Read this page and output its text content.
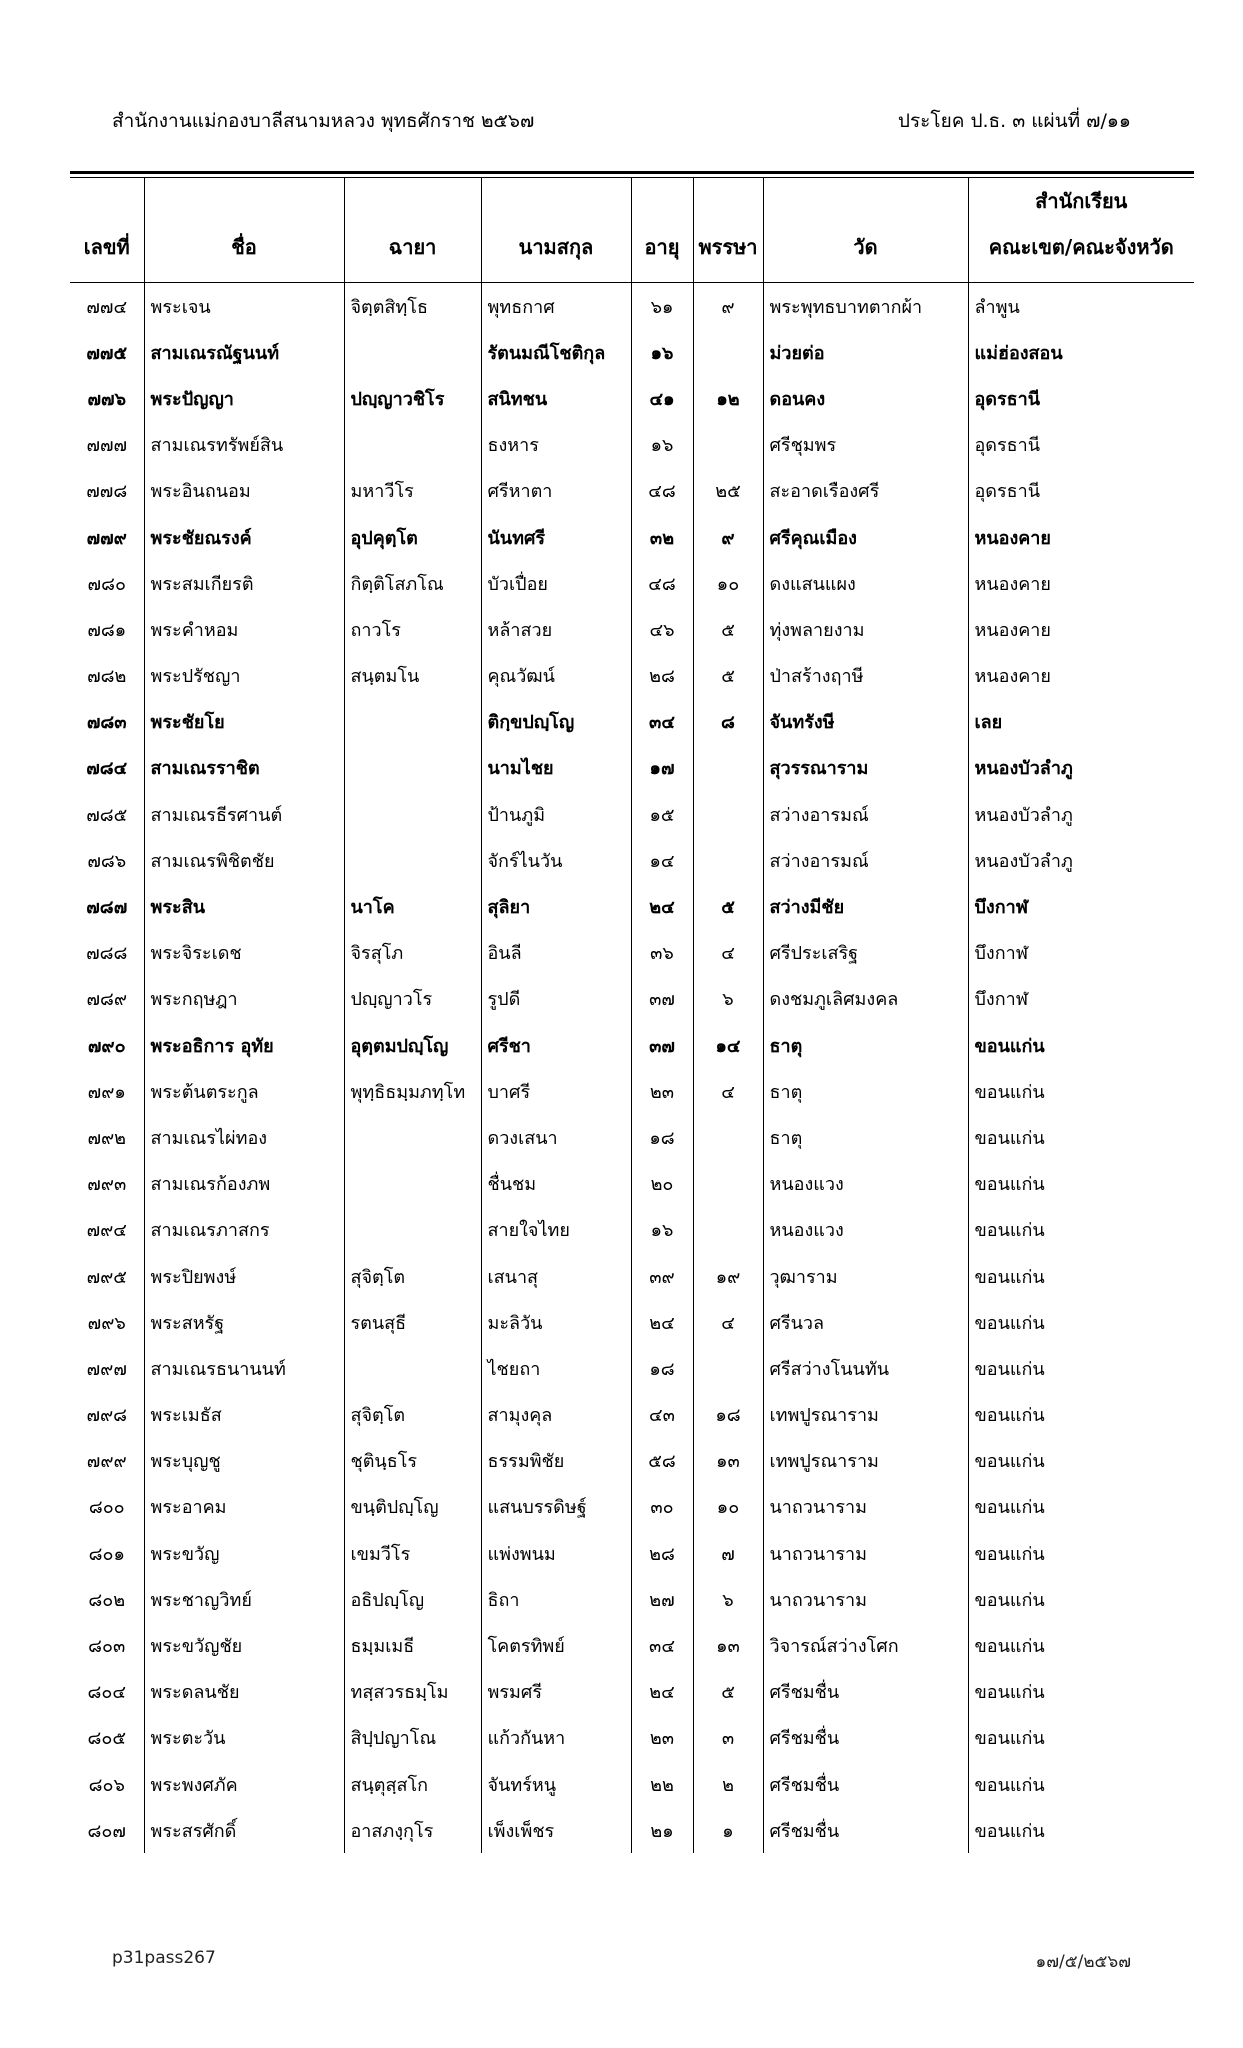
สำนักงานแม่กองบาลีสนามหลวง พุทธศักราช ๒๕๖๗	ประโยค ป.ธ. ๓ แผ่นที่ ๗/๑๑
เลขที่	ชื่อ	ฉายา	นามสกุล	อายุ	พรรษา	วัด	สำนักเรียน
คณะเขต/คณะจังหวัด

๗๗๔	พระเจน	จิตฺตสิทฺโธ	พุทธกาศ	๖๑	๙	พระพุทธบาทตากผ้า	ลำพูน
๗๗๕	สามเณรณัฐนนท์		รัตนมณีโชติกุล	๑๖		ม่วยต่อ	แม่ฮ่องสอน
๗๗๖	พระปัญญา	ปญฺญาวชิโร	สนิทชน	๔๑	๑๒	ดอนคง	อุดรธานี
๗๗๗	สามเณรทรัพย์สิน		ธงหาร	๑๖		ศรีชุมพร	อุดรธานี
๗๗๘	พระอินถนอม	มหาวีโร	ศรีหาตา	๔๘	๒๕	สะอาดเรืองศรี	อุดรธานี
๗๗๙	พระชัยณรงค์	อุปคุตฺโต	นันทศรี	๓๒	๙	ศรีคุณเมือง	หนองคาย
๗๘๐	พระสมเกียรติ	กิตฺติโสภโณ	บัวเปื่อย	๔๘	๑๐	ดงแสนแผง	หนองคาย
๗๘๑	พระคำหอม	ถาวโร	หล้าสวย	๔๖	๕	ทุ่งพลายงาม	หนองคาย
๗๘๒	พระปรัชญา	สนฺตมโน	คุณวัฒน์	๒๘	๕	ป่าสร้างฤาษี	หนองคาย
๗๘๓	พระชัยโย		ติกฺขปญฺโญ	๓๔	๘	จันทรังษี	เลย
๗๘๔	สามเณรราชิต		นามไชย	๑๗		สุวรรณาราม	หนองบัวลำภู
๗๘๕	สามเณรธีรศานต์		ป้านภูมิ	๑๕		สว่างอารมณ์	หนองบัวลำภู
๗๘๖	สามเณรพิชิตชัย		จักร์ไนวัน	๑๔		สว่างอารมณ์	หนองบัวลำภู
๗๘๗	พระสิน	นาโค	สุลิยา	๒๔	๕	สว่างมีชัย	บึงกาฬ
๗๘๘	พระจิระเดช	จิรสุโภ	อินลี	๓๖	๔	ศรีประเสริฐ	บึงกาฬ
๗๘๙	พระกฤษฎา	ปญฺญาวโร	รูปดี	๓๗	๖	ดงชมภูเลิศมงคล	บึงกาฬ
๗๙๐	พระอธิการ อุทัย	อุตฺตมปญฺโญ	ศรีชา	๓๗	๑๔	ธาตุ	ขอนแก่น
๗๙๑	พระต้นตระกูล	พุทฺธิธมฺมภทฺโท	บาศรี	๒๓	๔	ธาตุ	ขอนแก่น
๗๙๒	สามเณรไผ่ทอง		ดวงเสนา	๑๘		ธาตุ	ขอนแก่น
๗๙๓	สามเณรก้องภพ		ชื่นชม	๒๐		หนองแวง	ขอนแก่น
๗๙๔	สามเณรภาสกร		สายใจไทย	๑๖		หนองแวง	ขอนแก่น
๗๙๕	พระปิยพงษ์	สุจิตฺโต	เสนาสุ	๓๙	๑๙	วุฒาราม	ขอนแก่น
๗๙๖	พระสหรัฐ	รตนสุธี	มะลิวัน	๒๔	๔	ศรีนวล	ขอนแก่น
๗๙๗	สามเณรธนานนท์		ไชยถา	๑๘		ศรีสว่างโนนทัน	ขอนแก่น
๗๙๘	พระเมธัส	สุจิตฺโต	สามุงคุล	๔๓	๑๘	เทพปูรณาราม	ขอนแก่น
๗๙๙	พระบุญชู	ชุตินฺธโร	ธรรมพิชัย	๕๘	๑๓	เทพปูรณาราม	ขอนแก่น
๘๐๐	พระอาคม	ขนฺติปญฺโญ	แสนบรรดิษฐ์	๓๐	๑๐	นาถวนาราม	ขอนแก่น
๘๐๑	พระขวัญ	เขมวีโร	แพ่งพนม	๒๘	๗	นาถวนาราม	ขอนแก่น
๘๐๒	พระชาญวิทย์	อธิปญฺโญ	ธิถา	๒๗	๖	นาถวนาราม	ขอนแก่น
๘๐๓	พระขวัญชัย	ธมฺมเมธี	โคตรทิพย์	๓๔	๑๓	วิจารณ์สว่างโศก	ขอนแก่น
๘๐๔	พระดลนชัย	ทสฺสวรธมฺโม	พรมศรี	๒๔	๕	ศรีชมชื่น	ขอนแก่น
๘๐๕	พระตะวัน	สิปฺปญาโณ	แก้วกันหา	๒๓	๓	ศรีชมชื่น	ขอนแก่น
๘๐๖	พระพงศภัค	สนฺตุสฺสโก	จันทร์หนู	๒๒	๒	ศรีชมชื่น	ขอนแก่น
๘๐๗	พระสรศักดิ์	อาสภงฺกุโร	เพ็งเพ็ชร	๒๑	๑	ศรีชมชื่น	ขอนแก่น
p31pass267	๑๗/๕/๒๕๖๗
